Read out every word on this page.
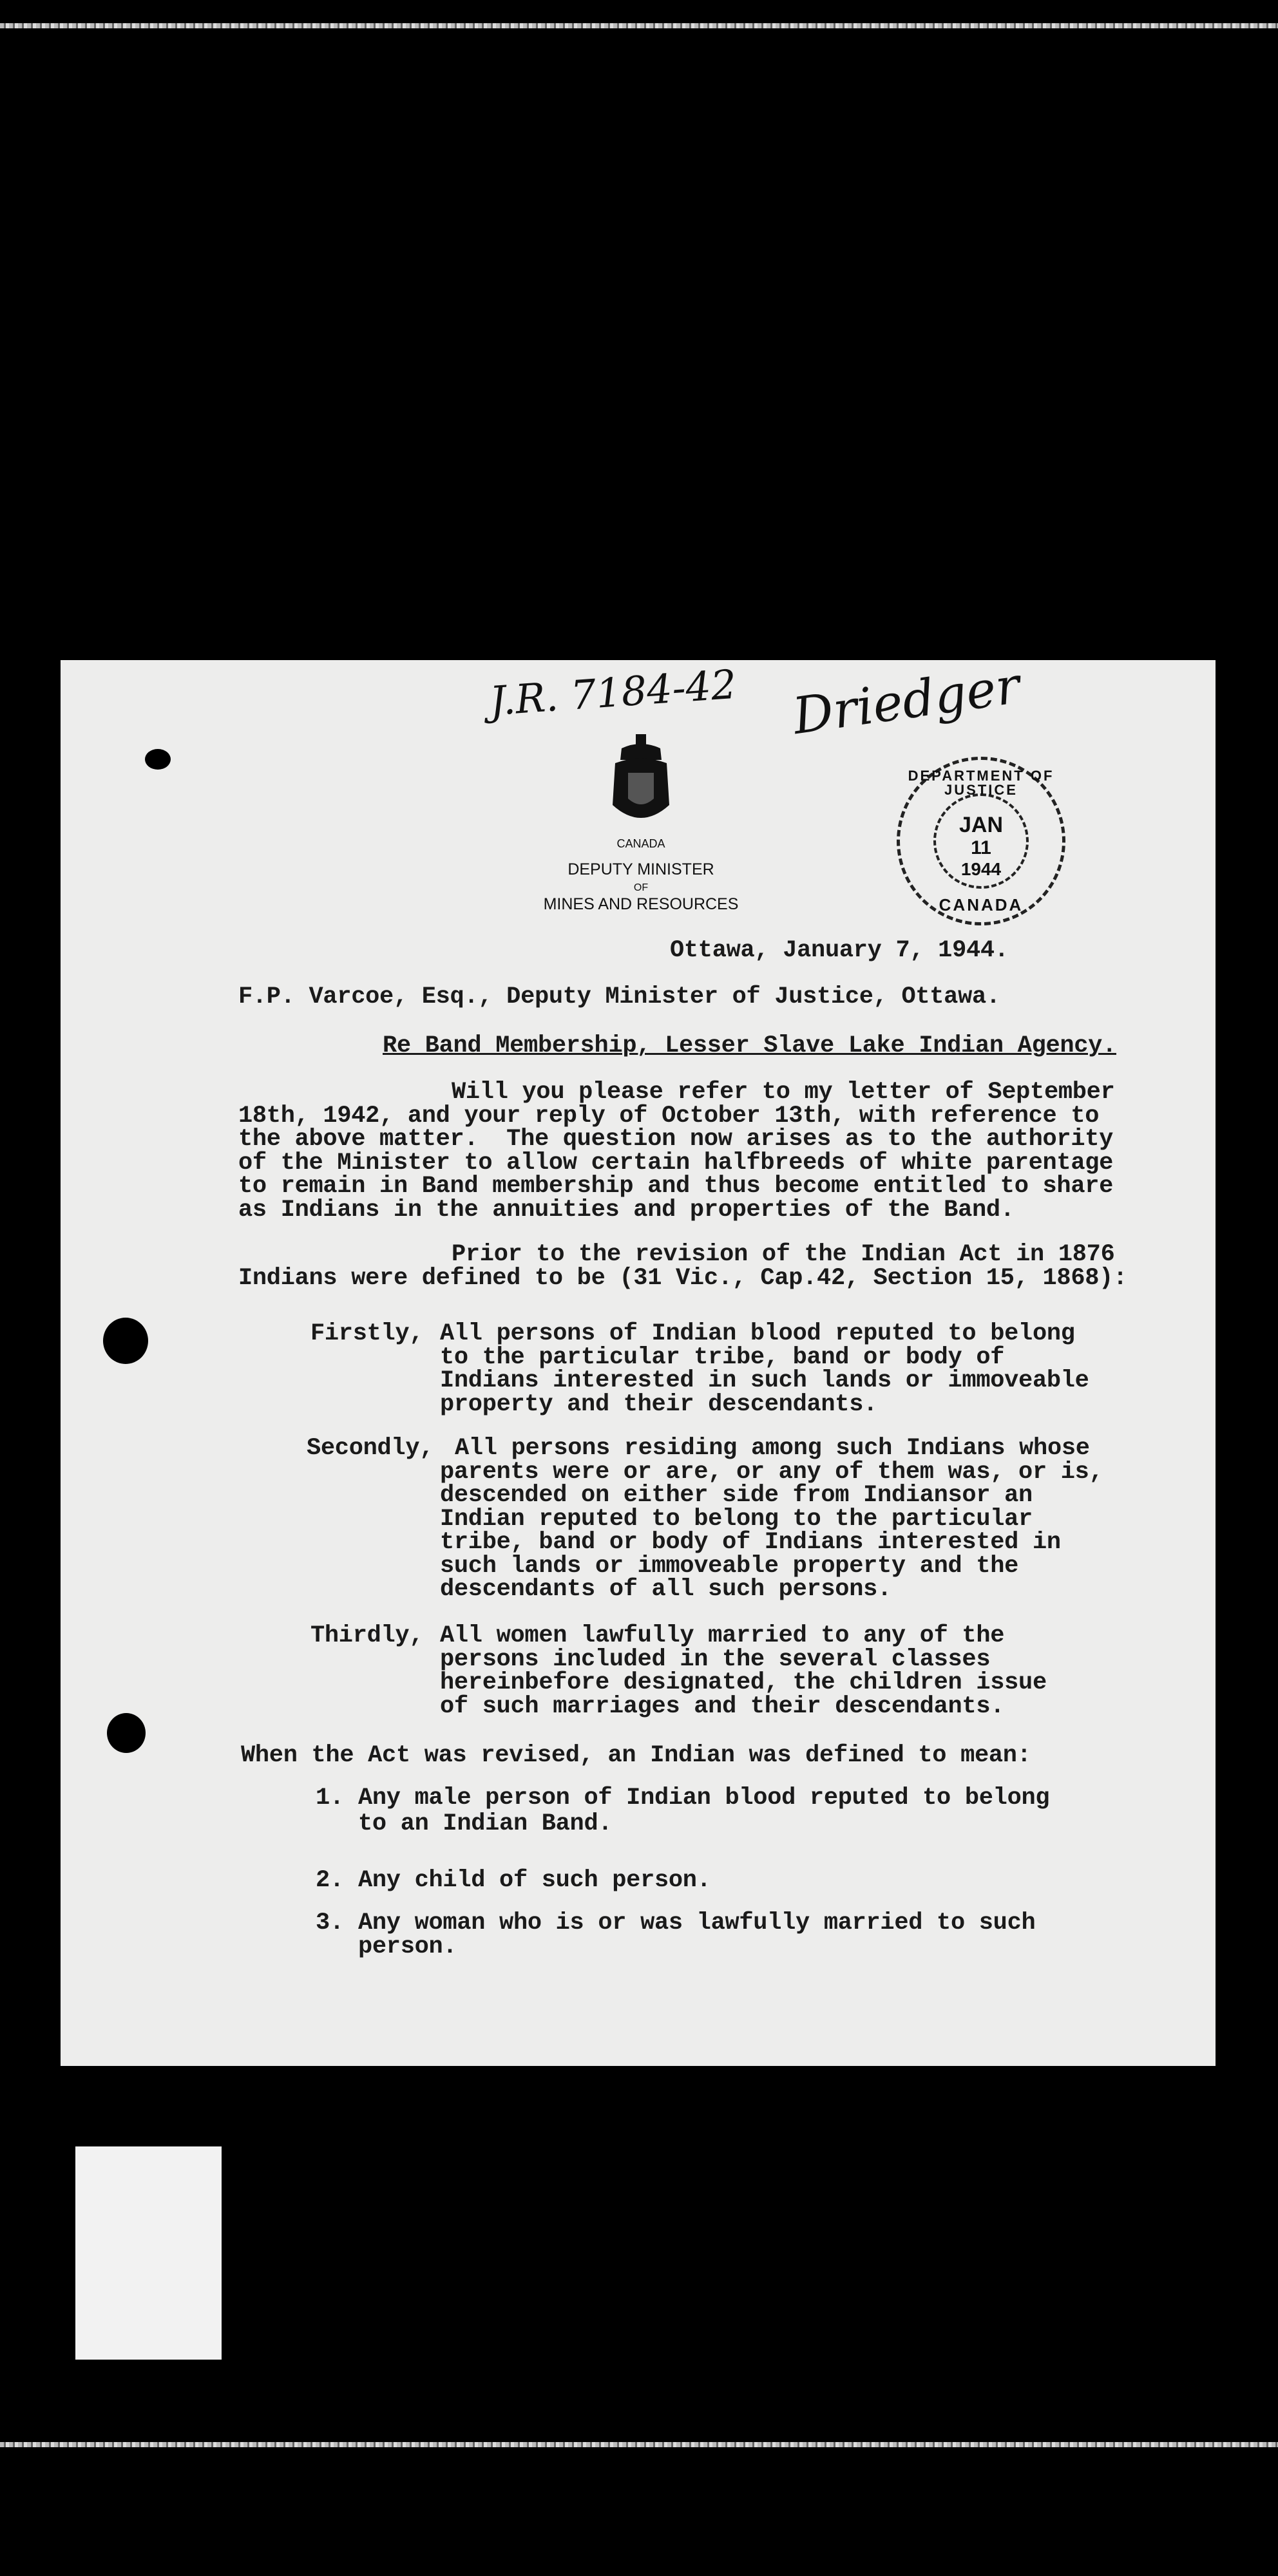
J.R. 7184-42 Driedger
CANADA
DEPUTY MINISTER
OF
MINES AND RESOURCES
DEPARTMENT OF JUSTICE
JAN
11
1944
CANADA
Ottawa, January 7, 1944.
F.P. Varcoe, Esq., Deputy Minister of Justice, Ottawa.
Re Band Membership, Lesser Slave Lake Indian Agency.
Will you please refer to my letter of September
18th, 1942, and your reply of October 13th, with reference to
the above matter.  The question now arises as to the authority
of the Minister to allow certain halfbreeds of white parentage
to remain in Band membership and thus become entitled to share
as Indians in the annuities and properties of the Band.
Prior to the revision of the Indian Act in 1876
Indians were defined to be (31 Vic., Cap.42, Section 15, 1868):
Firstly, All persons of Indian blood reputed to belong
to the particular tribe, band or body of
Indians interested in such lands or immoveable
property and their descendants.
Secondly, All persons residing among such Indians whose
parents were or are, or any of them was, or is,
descended on either side from Indiansor an
Indian reputed to belong to the particular
tribe, band or body of Indians interested in
such lands or immoveable property and the
descendants of all such persons.
Thirdly, All women lawfully married to any of the
persons included in the several classes
hereinbefore designated, the children issue
of such marriages and their descendants.
When the Act was revised, an Indian was defined to mean:
1. Any male person of Indian blood reputed to belong
to an Indian Band.
2. Any child of such person.
3. Any woman who is or was lawfully married to such
person.
